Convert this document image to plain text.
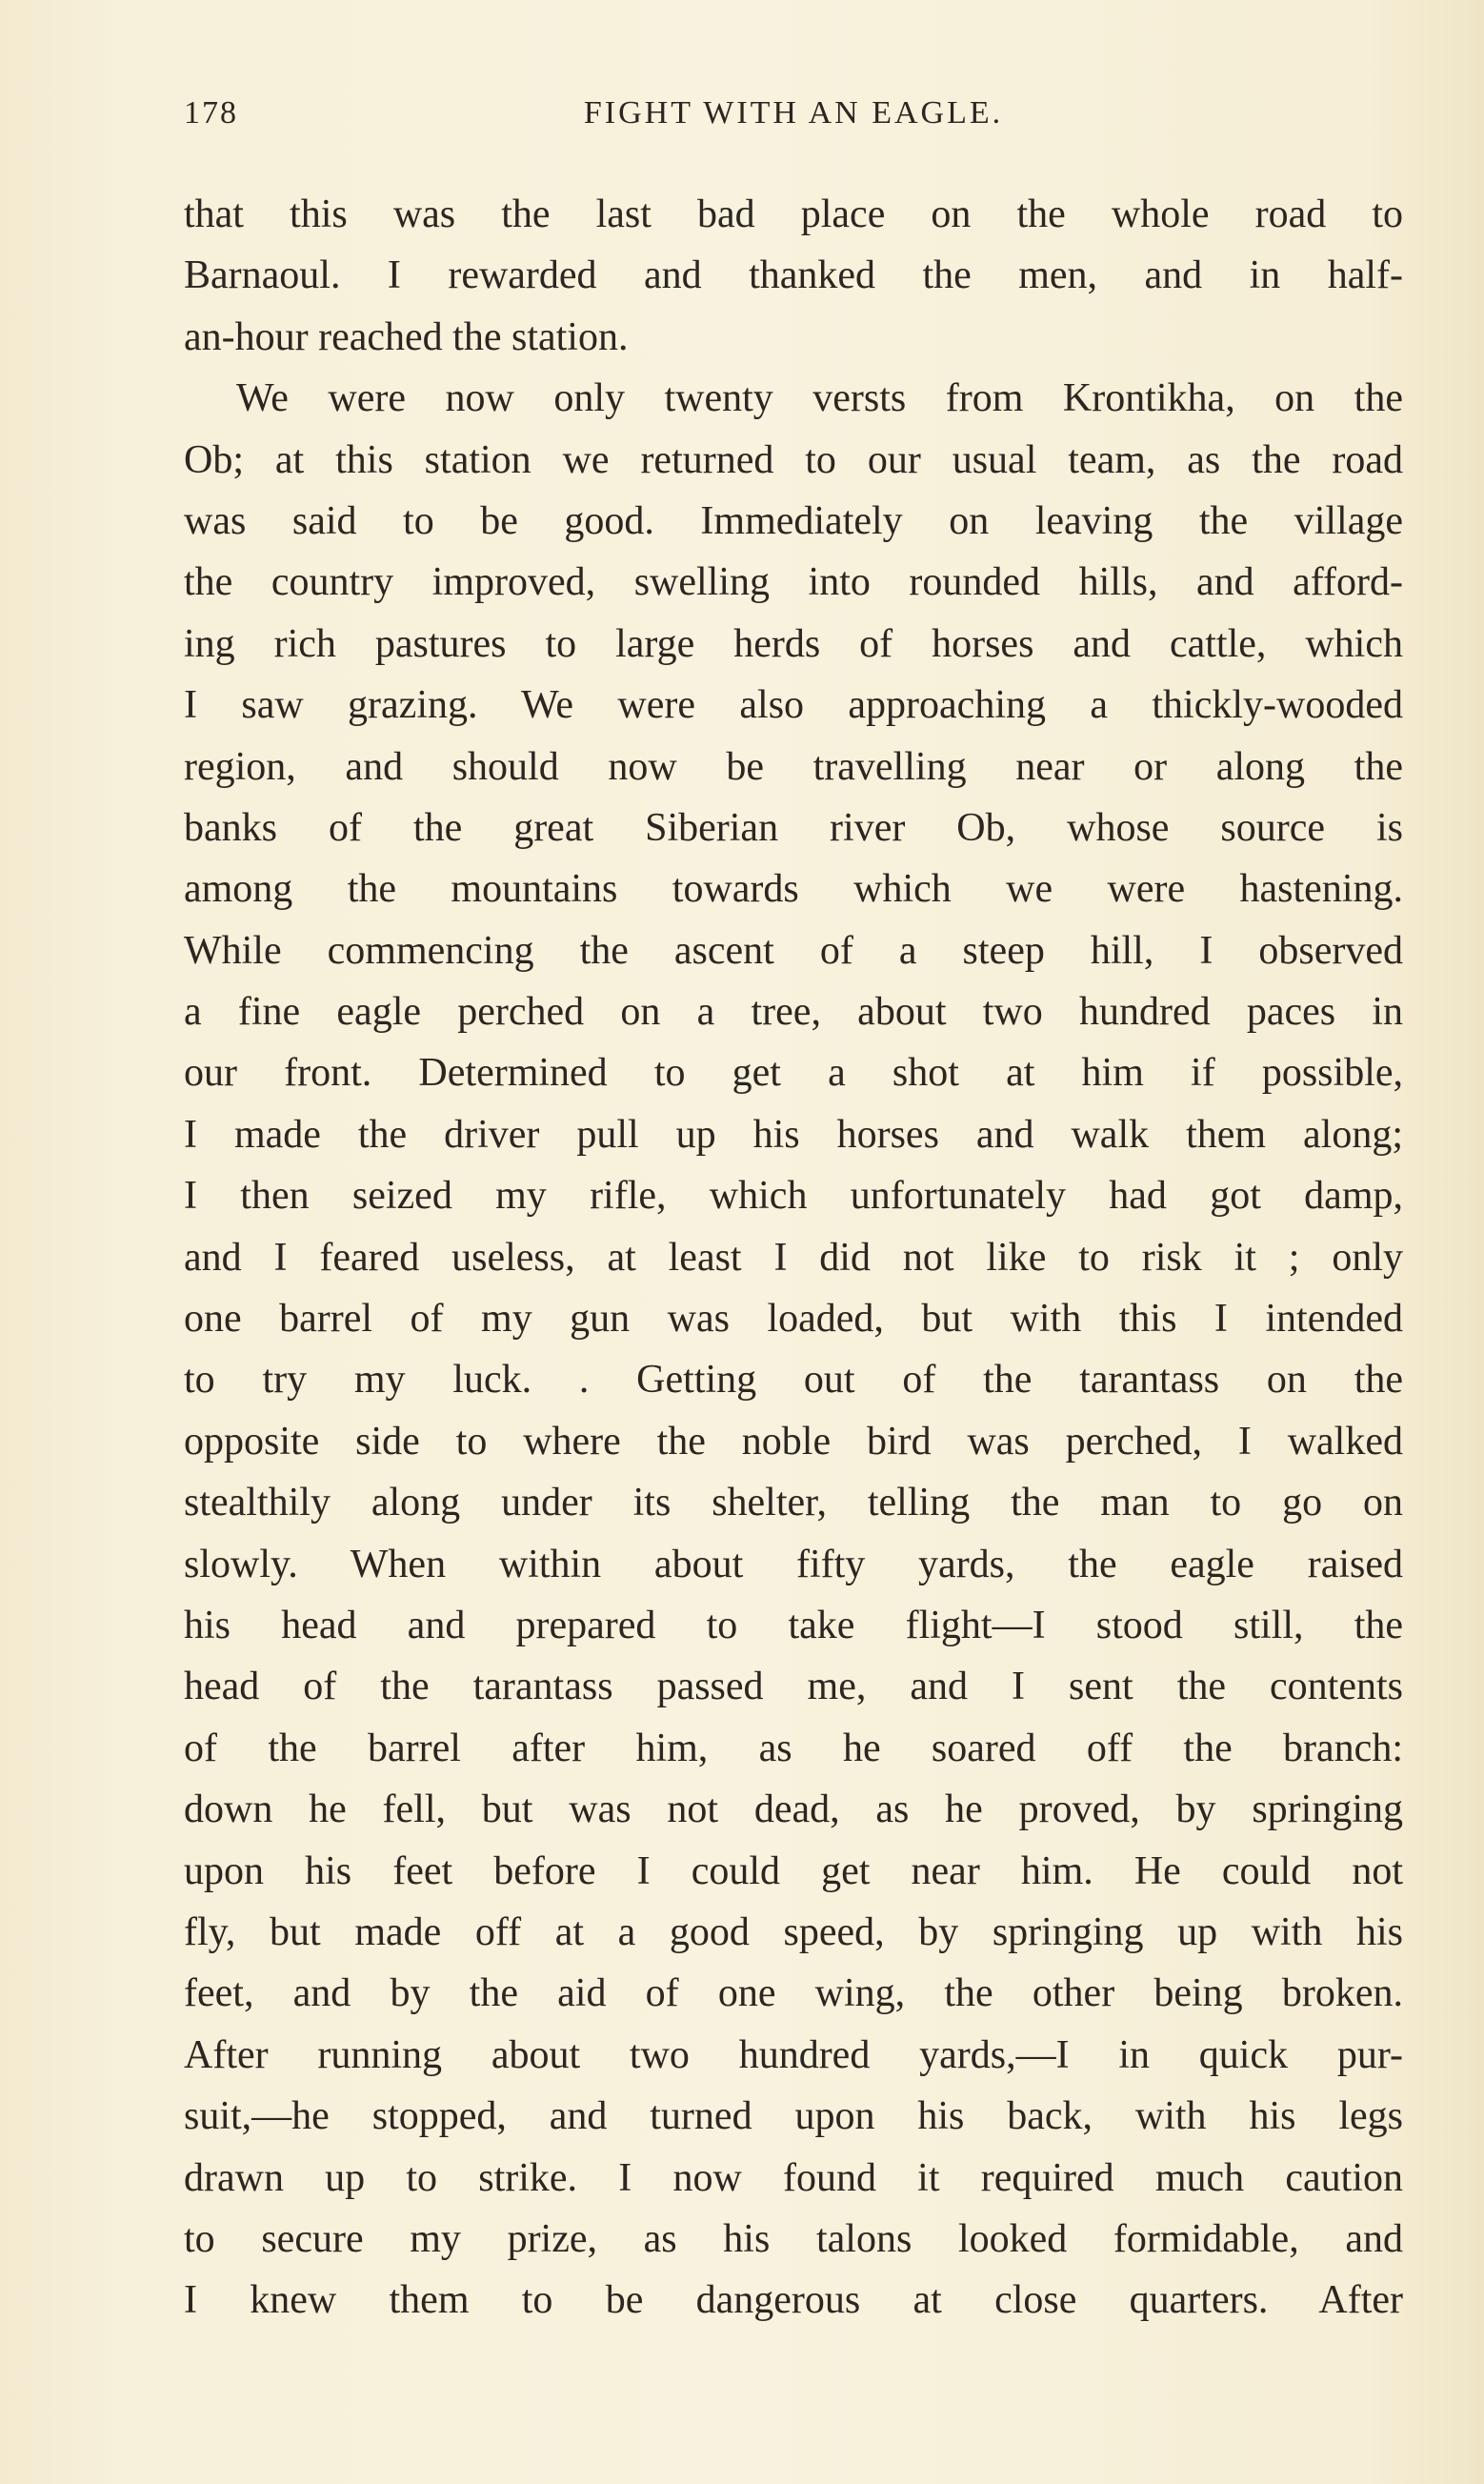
178	FIGHT WITH AN EAGLE.
that this was the last bad place on the whole road to
Barnaoul. I rewarded and thanked the men, and in half-
an-hour reached the station.
We were now only twenty versts from Krontikha, on the
Ob; at this station we returned to our usual team, as the road
was said to be good. Immediately on leaving the village
the country improved, swelling into rounded hills, and afford-
ing rich pastures to large herds of horses and cattle, which
I saw grazing. We were also approaching a thickly-wooded
region, and should now be travelling near or along the
banks of the great Siberian river Ob, whose source is
among the mountains towards which we were hastening.
While commencing the ascent of a steep hill, I observed
a fine eagle perched on a tree, about two hundred paces in
our front. Determined to get a shot at him if possible,
I made the driver pull up his horses and walk them along;
I then seized my rifle, which unfortunately had got damp,
and I feared useless, at least I did not like to risk it ; only
one barrel of my gun was loaded, but with this I intended
to try my luck. . Getting out of the tarantass on the
opposite side to where the noble bird was perched, I walked
stealthily along under its shelter, telling the man to go on
slowly. When within about fifty yards, the eagle raised
his head and prepared to take flight—I stood still, the
head of the tarantass passed me, and I sent the contents
of the barrel after him, as he soared off the branch:
down he fell, but was not dead, as he proved, by springing
upon his feet before I could get near him. He could not
fly, but made off at a good speed, by springing up with his
feet, and by the aid of one wing, the other being broken.
After running about two hundred yards,—I in quick pur-
suit,—he stopped, and turned upon his back, with his legs
drawn up to strike. I now found it required much caution
to secure my prize, as his talons looked formidable, and
I knew them to be dangerous at close quarters. After
